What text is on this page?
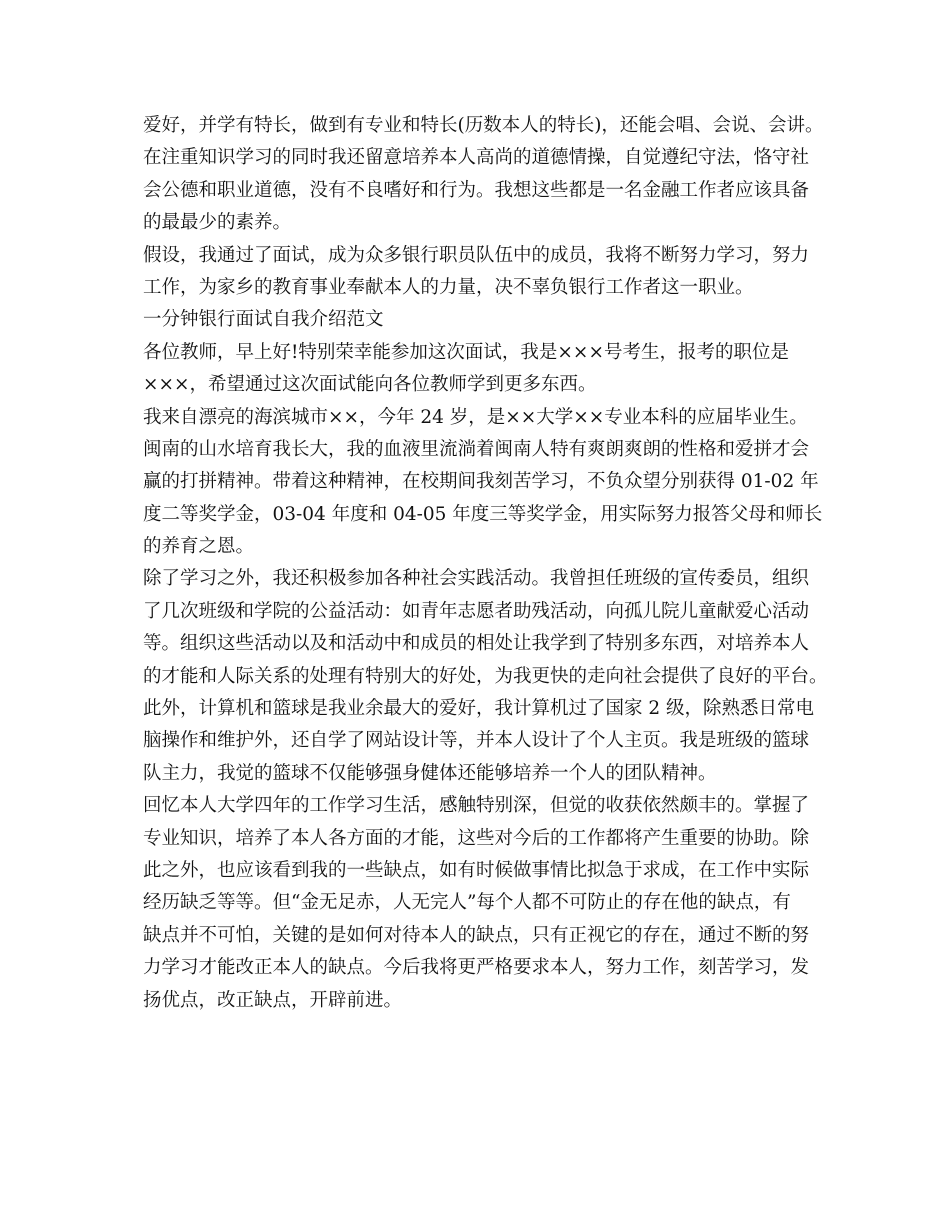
爱好，并学有特长，做到有专业和特长(历数本人的特长)，还能会唱、会说、会讲。
在注重知识学习的同时我还留意培养本人高尚的道德情操，自觉遵纪守法，恪守社
会公德和职业道德，没有不良嗜好和行为。我想这些都是一名金融工作者应该具备
的最最少的素养。
假设，我通过了面试，成为众多银行职员队伍中的成员，我将不断努力学习，努力
工作，为家乡的教育事业奉献本人的力量，决不辜负银行工作者这一职业。
一分钟银行面试自我介绍范文
各位教师，早上好!特别荣幸能参加这次面试，我是×××号考生，报考的职位是
×××，希望通过这次面试能向各位教师学到更多东西。
我来自漂亮的海滨城市××，今年 24 岁，是××大学××专业本科的应届毕业生。
闽南的山水培育我长大，我的血液里流淌着闽南人特有爽朗爽朗的性格和爱拼才会
赢的打拼精神。带着这种精神，在校期间我刻苦学习，不负众望分别获得 01-02 年
度二等奖学金，03-04 年度和 04-05 年度三等奖学金，用实际努力报答父母和师长
的养育之恩。
除了学习之外，我还积极参加各种社会实践活动。我曾担任班级的宣传委员，组织
了几次班级和学院的公益活动：如青年志愿者助残活动，向孤儿院儿童献爱心活动
等。组织这些活动以及和活动中和成员的相处让我学到了特别多东西，对培养本人
的才能和人际关系的处理有特别大的好处，为我更快的走向社会提供了良好的平台。
此外，计算机和篮球是我业余最大的爱好，我计算机过了国家 2 级，除熟悉日常电
脑操作和维护外，还自学了网站设计等，并本人设计了个人主页。我是班级的篮球
队主力，我觉的篮球不仅能够强身健体还能够培养一个人的团队精神。
回忆本人大学四年的工作学习生活，感触特别深，但觉的收获依然颇丰的。掌握了
专业知识，培养了本人各方面的才能，这些对今后的工作都将产生重要的协助。除
此之外，也应该看到我的一些缺点，如有时候做事情比拟急于求成，在工作中实际
经历缺乏等等。但“金无足赤，人无完人”每个人都不可防止的存在他的缺点，有
缺点并不可怕，关键的是如何对待本人的缺点，只有正视它的存在，通过不断的努
力学习才能改正本人的缺点。今后我将更严格要求本人，努力工作，刻苦学习，发
扬优点，改正缺点，开辟前进。
